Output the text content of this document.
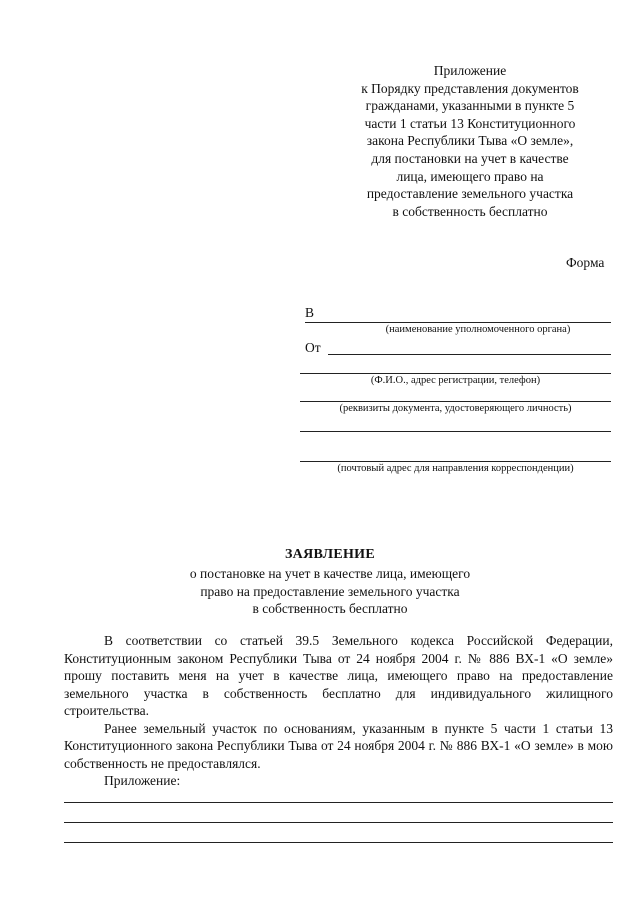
Приложение
к Порядку представления документов
гражданами, указанными в пункте 5
части 1 статьи 13 Конституционного
закона Республики Тыва «О земле»,
для постановки на учет в качестве
лица, имеющего право на
предоставление земельного участка
в собственность бесплатно
Форма
В
(наименование уполномоченного органа)
От
(Ф.И.О., адрес регистрации, телефон)
(реквизиты документа, удостоверяющего личность)
(почтовый адрес для направления корреспонденции)
ЗАЯВЛЕНИЕ
о постановке на учет в качестве лица, имеющего
право на предоставление земельного участка
в собственность бесплатно

В соответствии со статьей 39.5 Земельного кодекса Российской Федерации, Конституционным законом Республики Тыва от 24 ноября 2004 г. № 886 ВХ-1 «О земле» прошу поставить меня на учет в качестве лица, имеющего право на предоставление земельного участка в собственность бесплатно для индивидуального жилищного строительства.

Ранее земельный участок по основаниям, указанным в пункте 5 части 1 статьи 13 Конституционного закона Республики Тыва от 24 ноября 2004 г. № 886 ВХ-1 «О земле» в мою собственность не предоставлялся.

Приложение:
